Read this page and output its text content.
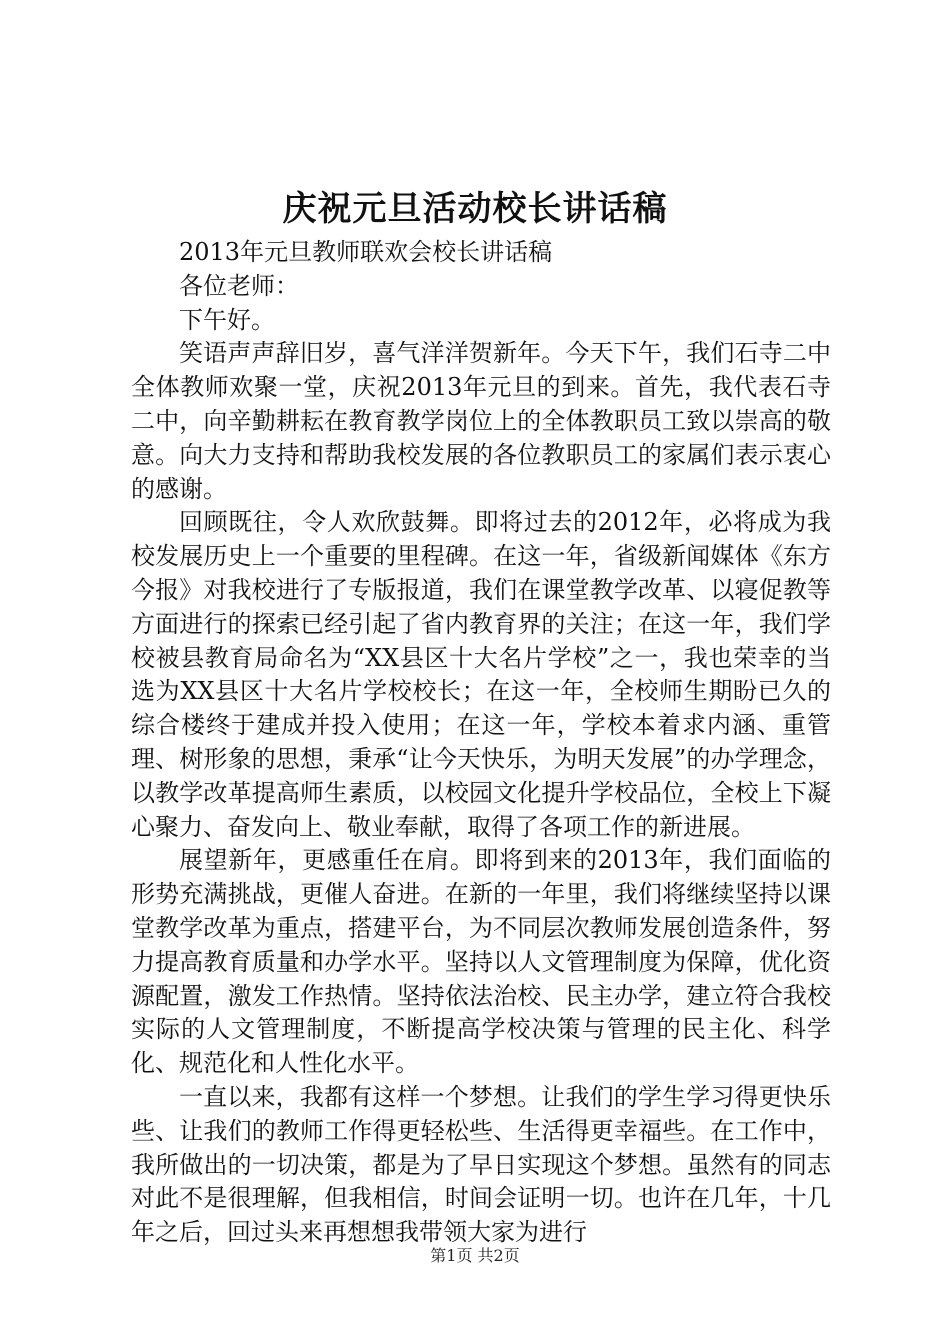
庆祝元旦活动校长讲话稿

2013年元旦教师联欢会校长讲话稿

各位老师：

下午好。

笑语声声辞旧岁，喜气洋洋贺新年。今天下午，我们石寺二中全体教师欢聚一堂，庆祝2013年元旦的到来。首先，我代表石寺二中，向辛勤耕耘在教育教学岗位上的全体教职员工致以崇高的敬意。向大力支持和帮助我校发展的各位教职员工的家属们表示衷心的感谢。

回顾既往，令人欢欣鼓舞。即将过去的2012年，必将成为我校发展历史上一个重要的里程碑。在这一年，省级新闻媒体《东方今报》对我校进行了专版报道，我们在课堂教学改革、以寝促教等方面进行的探索已经引起了省内教育界的关注；在这一年，我们学校被县教育局命名为“XX县区十大名片学校”之一，我也荣幸的当选为XX县区十大名片学校校长；在这一年，全校师生期盼已久的综合楼终于建成并投入使用；在这一年，学校本着求内涵、重管理、树形象的思想，秉承“让今天快乐，为明天发展”的办学理念，以教学改革提高师生素质，以校园文化提升学校品位，全校上下凝心聚力、奋发向上、敬业奉献，取得了各项工作的新进展。

展望新年，更感重任在肩。即将到来的2013年，我们面临的形势充满挑战，更催人奋进。在新的一年里，我们将继续坚持以课堂教学改革为重点，搭建平台，为不同层次教师发展创造条件，努力提高教育质量和办学水平。坚持以人文管理制度为保障，优化资源配置，激发工作热情。坚持依法治校、民主办学，建立符合我校实际的人文管理制度，不断提高学校决策与管理的民主化、科学化、规范化和人性化水平。

一直以来，我都有这样一个梦想。让我们的学生学习得更快乐些、让我们的教师工作得更轻松些、生活得更幸福些。在工作中，我所做出的一切决策，都是为了早日实现这个梦想。虽然有的同志对此不是很理解，但我相信，时间会证明一切。也许在几年，十几年之后，回过头来再想想我带领大家为进行

第1页 共2页
